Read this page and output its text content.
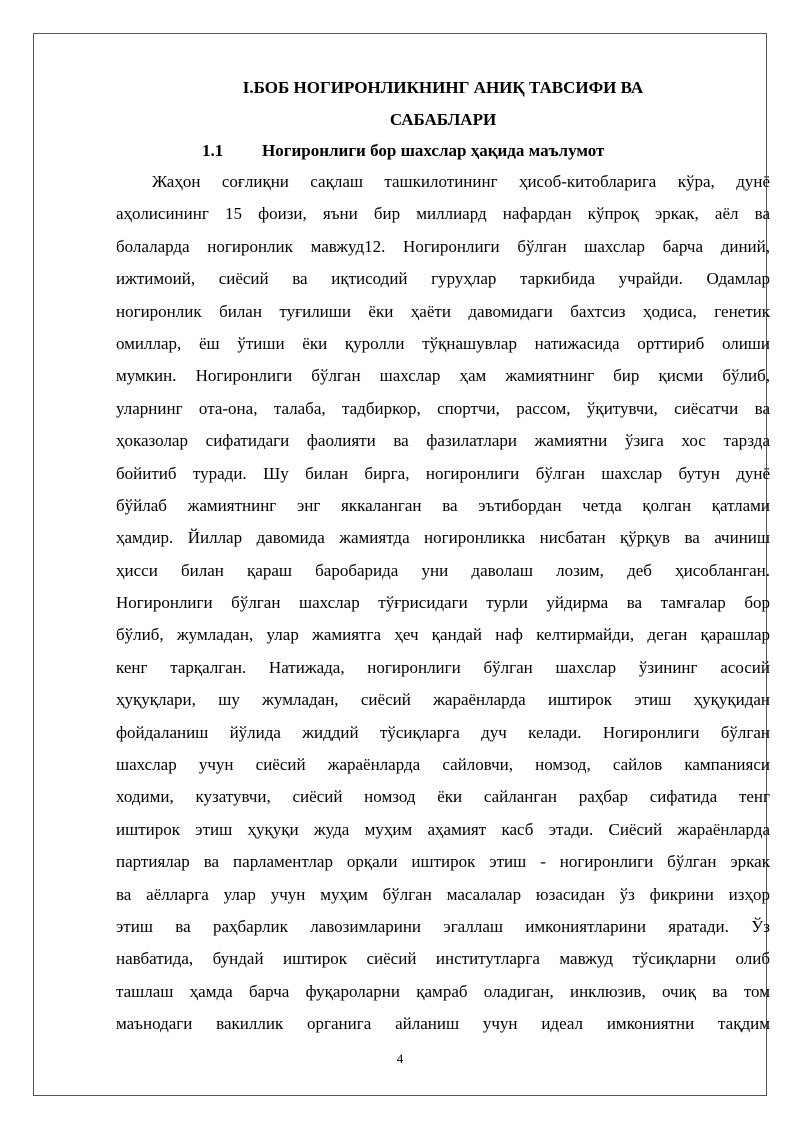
I.БОБ НОГИРОНЛИКНИНГ АНИҚ ТАВСИФИ ВА

САБАБЛАРИ

1.1	Ногиронлиги бор шахслар ҳақида маълумот
Жаҳон соғлиқни сақлаш ташкилотининг ҳисоб-китобларига кўра, дунё
аҳолисининг 15 фоизи, яъни бир миллиард нафардан кўпроқ эркак, аёл ва
болаларда ногиронлик мавжуд12. Ногиронлиги бўлган шахслар барча диний,
ижтимоий, сиёсий ва иқтисодий гуруҳлар таркибида учрайди. Одамлар
ногиронлик билан туғилиши ёки ҳаёти давомидаги бахтсиз ҳодиса, генетик
омиллар, ёш ўтиши ёки қуролли тўқнашувлар натижасида орттириб олиши
мумкин. Ногиронлиги бўлган шахслар ҳам жамиятнинг бир қисми бўлиб,
уларнинг ота-она, талаба, тадбиркор, спортчи, рассом, ўқитувчи, сиёсатчи ва
ҳоказолар сифатидаги фаолияти ва фазилатлари жамиятни ўзига хос тарзда
бойитиб туради. Шу билан бирга, ногиронлиги бўлган шахслар бутун дунё
бўйлаб жамиятнинг энг яккаланган ва эътибордан четда қолган қатлами
ҳамдир. Йиллар давомида жамиятда ногиронликка нисбатан қўрқув ва ачиниш
ҳисси билан қараш баробарида уни даволаш лозим, деб ҳисобланган.
Ногиронлиги бўлган шахслар тўғрисидаги турли уйдирма ва тамғалар бор
бўлиб, жумладан, улар жамиятга ҳеч қандай наф келтирмайди, деган қарашлар
кенг тарқалган. Натижада, ногиронлиги бўлган шахслар ўзининг асосий
ҳуқуқлари, шу жумладан, сиёсий жараёнларда иштирок этиш ҳуқуқидан
фойдаланиш йўлида жиддий тўсиқларга дуч келади. Ногиронлиги бўлган
шахслар учун сиёсий жараёнларда сайловчи, номзод, сайлов кампанияси
ходими, кузатувчи, сиёсий номзод ёки сайланган раҳбар сифатида тенг
иштирок этиш ҳуқуқи жуда муҳим аҳамият касб этади. Сиёсий жараёнларда
партиялар ва парламентлар орқали иштирок этиш - ногиронлиги бўлган эркак
ва аёлларга улар учун муҳим бўлган масалалар юзасидан ўз фикрини изҳор
этиш ва раҳбарлик лавозимларини эгаллаш имкониятларини яратади. Ўз
навбатида, бундай иштирок сиёсий институтларга мавжуд тўсиқларни олиб
ташлаш ҳамда барча фуқароларни қамраб оладиган, инклюзив, очиқ ва том
маънодаги вакиллик органига айланиш учун идеал имкониятни тақдим
4
